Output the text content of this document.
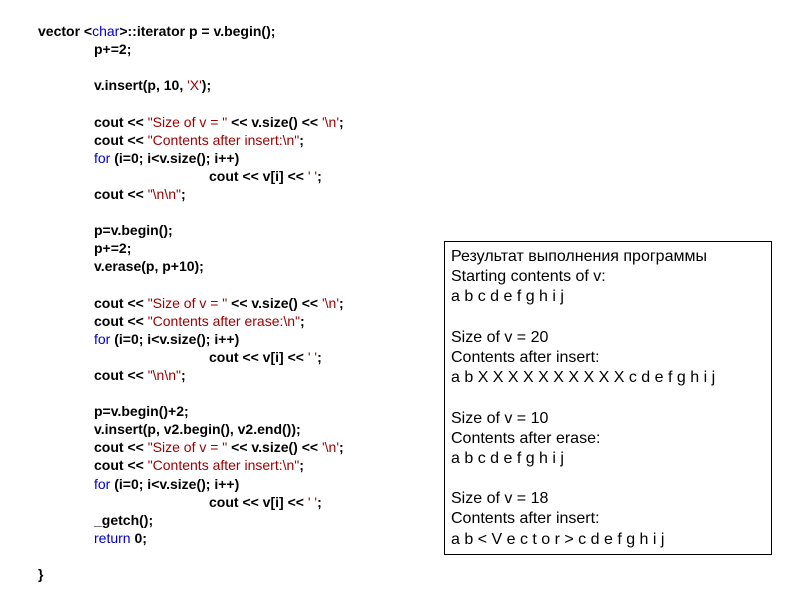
vector <char>::iterator p = v.begin();
p+=2;
v.insert(p, 10, 'X');
cout << "Size of v = " << v.size() << '\n';
cout << "Contents after insert:\n";
for (i=0; i<v.size(); i++)
cout << v[i] << ' ';
cout << "\n\n";
p=v.begin();
p+=2;
v.erase(p, p+10);
cout << "Size of v = " << v.size() << '\n';
cout << "Contents after erase:\n";
for (i=0; i<v.size(); i++)
cout << v[i] << ' ';
cout << "\n\n";
p=v.begin()+2;
v.insert(p, v2.begin(), v2.end());
cout << "Size of v = " << v.size() << '\n';
cout << "Contents after insert:\n";
for (i=0; i<v.size(); i++)
cout << v[i] << ' ';
_getch();
return 0;
}
Результат выполнения программы
Starting contents of v:
a b c d e f g h i j
Size of v = 20
Contents after insert:
a b X X X X X X X X X X c d e f g h i j
Size of v = 10
Contents after erase:
a b c d e f g h i j
Size of v = 18
Contents after insert:
a b < V e c t o r > c d e f g h i j
